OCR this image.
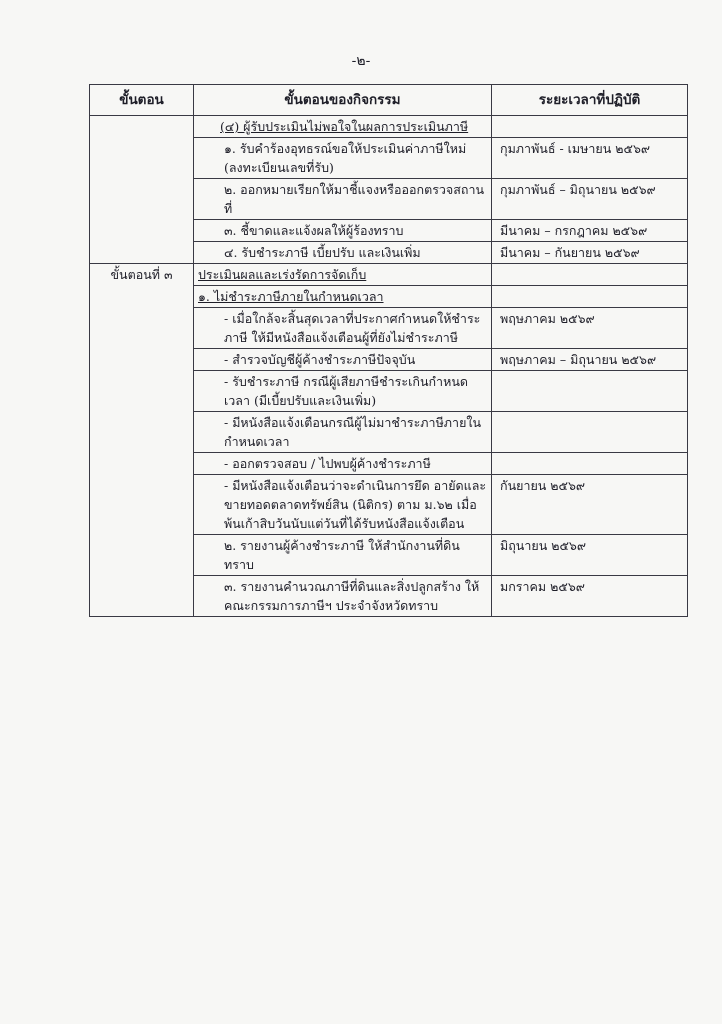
-๒-
ขั้นตอน	ขั้นตอนของกิจกรรม	ระยะเวลาที่ปฏิบัติ
	(๔) ผู้รับประเมินไม่พอใจในผลการประเมินภาษี	
	๑. รับคำร้องอุทธรณ์ขอให้ประเมินค่าภาษีใหม่ (ลงทะเบียนเลขที่รับ)	กุมภาพันธ์ - เมษายน ๒๕๖๙
	๒. ออกหมายเรียกให้มาชี้แจงหรือออกตรวจสถานที่	กุมภาพันธ์ – มิถุนายน ๒๕๖๙
	๓. ชี้ขาดและแจ้งผลให้ผู้ร้องทราบ	มีนาคม – กรกฎาคม ๒๕๖๙
	๔. รับชำระภาษี เบี้ยปรับ และเงินเพิ่ม	มีนาคม – กันยายน ๒๕๖๙
ขั้นตอนที่ ๓	ประเมินผลและเร่งรัดการจัดเก็บ	
	๑. ไม่ชำระภาษีภายในกำหนดเวลา	
	- เมื่อใกล้จะสิ้นสุดเวลาที่ประกาศกำหนดให้ชำระภาษี ให้มีหนังสือแจ้งเตือนผู้ที่ยังไม่ชำระภาษี	พฤษภาคม ๒๕๖๙
	- สำรวจบัญชีผู้ค้างชำระภาษีปัจจุบัน	พฤษภาคม – มิถุนายน ๒๕๖๙
	- รับชำระภาษี กรณีผู้เสียภาษีชำระเกินกำหนดเวลา (มีเบี้ยปรับและเงินเพิ่ม)	
	- มีหนังสือแจ้งเตือนกรณีผู้ไม่มาชำระภาษีภายในกำหนดเวลา	
	- ออกตรวจสอบ / ไปพบผู้ค้างชำระภาษี	
	- มีหนังสือแจ้งเตือนว่าจะดำเนินการยึด อายัดและขายทอดตลาดทรัพย์สิน (นิติกร) ตาม ม.๖๒ เมื่อพ้นเก้าสิบวันนับแต่วันที่ได้รับหนังสือแจ้งเตือน	กันยายน ๒๕๖๙
	๒. รายงานผู้ค้างชำระภาษี ให้สำนักงานที่ดินทราบ	มิถุนายน ๒๕๖๙
	๓. รายงานคำนวณภาษีที่ดินและสิ่งปลูกสร้าง ให้คณะกรรมการภาษีฯ ประจำจังหวัดทราบ	มกราคม ๒๕๖๙
